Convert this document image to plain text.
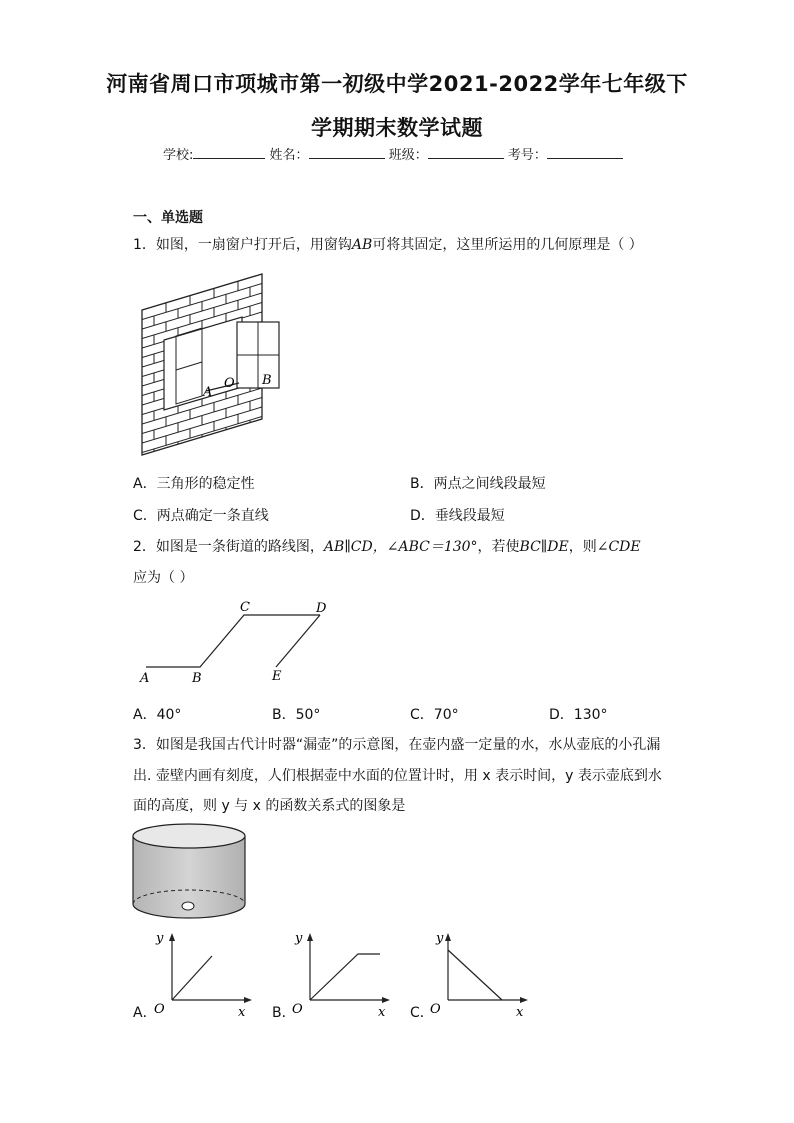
河南省周口市项城市第一初级中学2021-2022学年七年级下
学期期末数学试题
学校:	姓名：	班级：	考号：
一、单选题
1．如图，一扇窗户打开后，用窗钩AB可将其固定，这里所运用的几何原理是（ ）
A
O B
A．三角形的稳定性	B．两点之间线段最短
C．两点确定一条直线	D．垂线段最短
2．如图是一条街道的路线图，AB∥CD，∠ABC＝130°，若使BC∥DE，则∠CDE
应为（ ）
A	B
C	D
E
A．40°	B．50°	C．70°	D．130°
3．如图是我国古代计时器“漏壶”的示意图，在壶内盛一定量的水，水从壶底的小孔漏
出. 壶壁内画有刻度，人们根据壶中水面的位置计时，用 x 表示时间，y 表示壶底到水
面的高度，则 y 与 x 的函数关系式的图象是
y
x
O
A．
y
x
O
B．
y
x
O
C．
